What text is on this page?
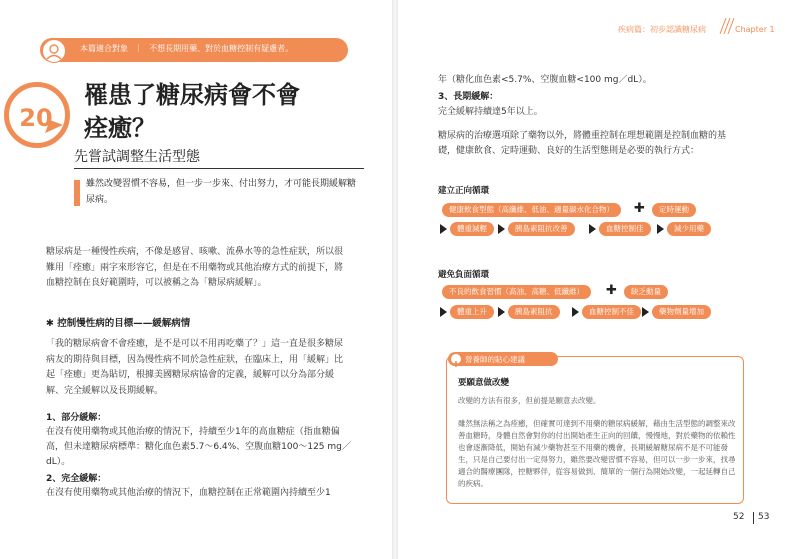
本篇適合對象 ｜ 不想長期用藥、對於血糖控制有疑慮者。
20
罹患了糖尿病會不會
痊癒？
先嘗試調整生活型態
雖然改變習慣不容易，但一步一步來、付出努力，才可能長期緩解糖尿病。
糖尿病是一種慢性疾病，不像是感冒、咳嗽、流鼻水等的急性症狀，所以很難用「痊癒」兩字來形容它，但是在不用藥物或其他治療方式的前提下，將血糖控制在良好範圍時，可以被稱之為「糖尿病緩解」。
✱ 控制慢性病的目標——緩解病情
「我的糖尿病會不會痊癒，是不是可以不用再吃藥了？」這一直是很多糖尿病友的期待與目標，因為慢性病不同於急性症狀，在臨床上，用「緩解」比起「痊癒」更為貼切，根據美國糖尿病協會的定義，緩解可以分為部分緩解、完全緩解以及長期緩解。
1、部分緩解：
在沒有使用藥物或其他治療的情況下，持續至少1年的高血糖症（指血糖偏高，但未達糖尿病標準：糖化血色素5.7～6.4%、空腹血糖100～125 mg／dL）。
2、完全緩解：
在沒有使用藥物或其他治療的情況下，血糖控制在正常範圍內持續至少1
疾病篇：初步認識糖尿病	Chapter 1
年（糖化血色素<5.7%、空腹血糖<100 mg／dL）。
3、長期緩解：
完全緩解持續達5年以上。
糖尿病的治療選項除了藥物以外，將體重控制在理想範圍是控制血糖的基礎，健康飲食、定時運動、良好的生活型態則是必要的執行方式：
建立正向循環
健康飲食型態（高纖維、低油、適量碳水化合物）	✚	定時運動
體重減輕	胰島素阻抗改善	血糖控制佳	減少用藥
避免負面循環
不良的飲食習慣（高油、高糖、低纖維）	✚	缺乏動量
體重上升	胰島素阻抗	血糖控制不佳	藥物劑量增加
營養師的貼心建議
要願意做改變
改變的方法有很多，但前提是願意去改變。
雖然無法稱之為痊癒，但確實可達到不用藥的糖尿病緩解，藉由生活型態的調整來改善血糖時，身體自然會對你的付出開始產生正向的回饋，慢慢地，對於藥物的依賴性也會逐漸降低，開始有減少藥物甚至不用藥的機會，長期緩解糖尿病不是不可能發生，只是自己要付出一定得努力，雖然要改變習慣不容易，但可以一步一步來，找尋適合的醫療團隊，控糖夥伴，從容易做到、簡單的一個行為開始改變，一起延轉自己的疾病。
52 53
